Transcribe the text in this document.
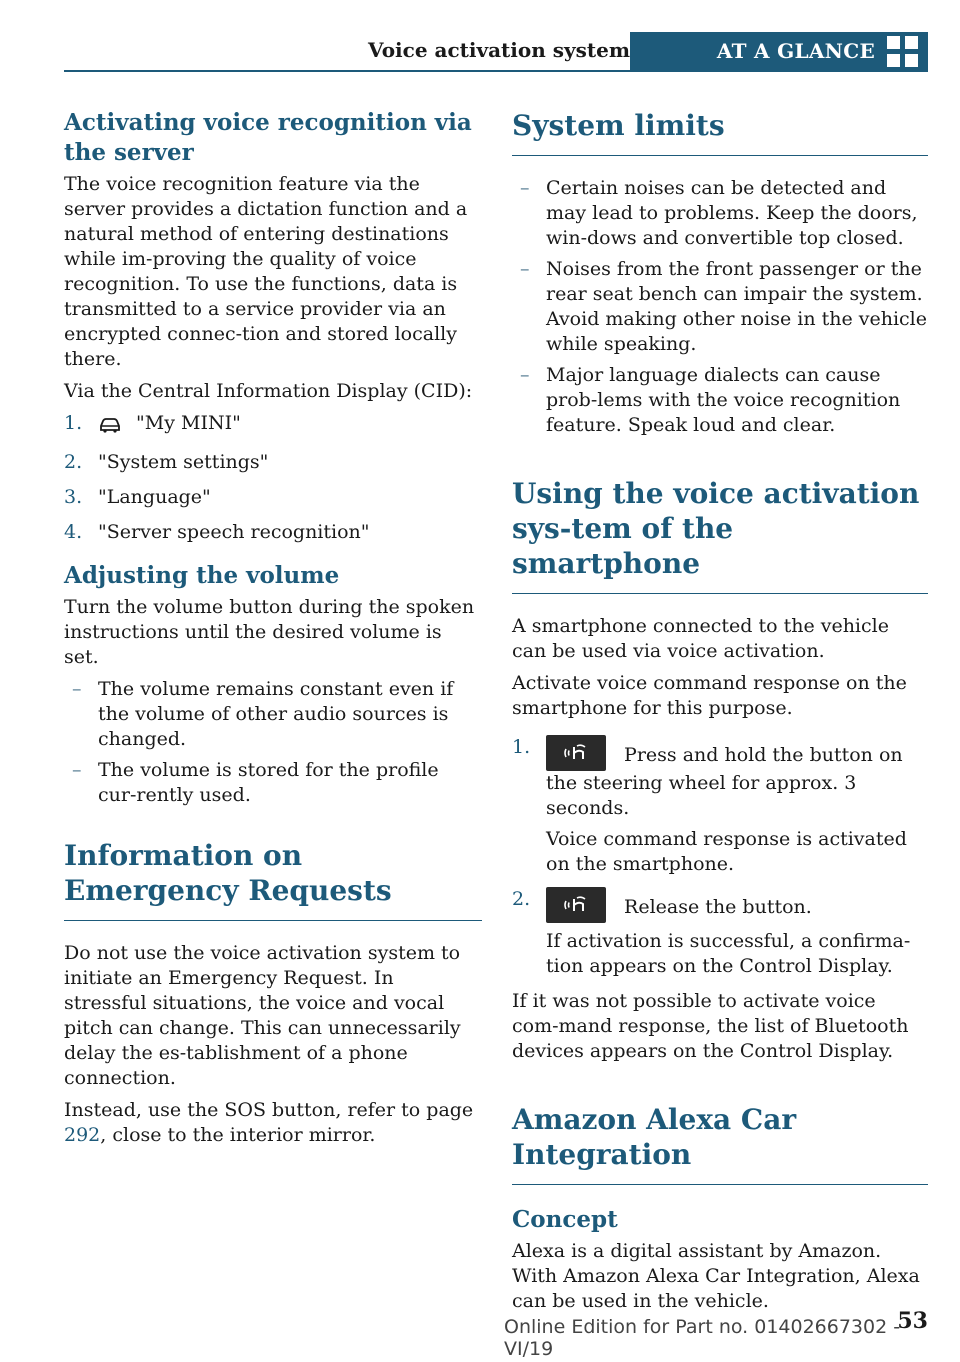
Voice activation system	AT A GLANCE
Activating voice recognition via the server

The voice recognition feature via the server provides a dictation function and a natural method of entering destinations while im‐proving the quality of voice recognition. To use the functions, data is transmitted to a service provider via an encrypted connec‐tion and stored locally there.

Via the Central Information Display (CID):

1.	"My MINI"
2. "System settings"
3. "Language"
4. "Server speech recognition"
Adjusting the volume

Turn the volume button during the spoken instructions until the desired volume is set.

– The volume remains constant even if the volume of other audio sources is changed.
– The volume is stored for the profile cur‐rently used.
Information on Emergency Requests

Do not use the voice activation system to initiate an Emergency Request. In stressful situations, the voice and vocal pitch can change. This can unnecessarily delay the es‐tablishment of a phone connection.

Instead, use the SOS button, refer to page 292, close to the interior mirror.

System limits
– Certain noises can be detected and may lead to problems. Keep the doors, win‐dows and convertible top closed.
– Noises from the front passenger or the rear seat bench can impair the system. Avoid making other noise in the vehicle while speaking.
– Major language dialects can cause prob‐lems with the voice recognition feature. Speak loud and clear.
Using the voice activation sys‐tem of the smartphone

A smartphone connected to the vehicle can be used via voice activation.

Activate voice command response on the smartphone for this purpose.

1.	Press and hold the button on the steering wheel for approx. 3 seconds.
Voice command response is activated on the smartphone.
2.	Release the button.
If activation is successful, a confirma‐tion appears on the Control Display.

If it was not possible to activate voice com‐mand response, the list of Bluetooth devices appears on the Control Display.

Amazon Alexa Car Integration
Concept

Alexa is a digital assistant by Amazon. With Amazon Alexa Car Integration, Alexa can be used in the vehicle.

Online Edition for Part no. 01402667302 - VI/19
53
